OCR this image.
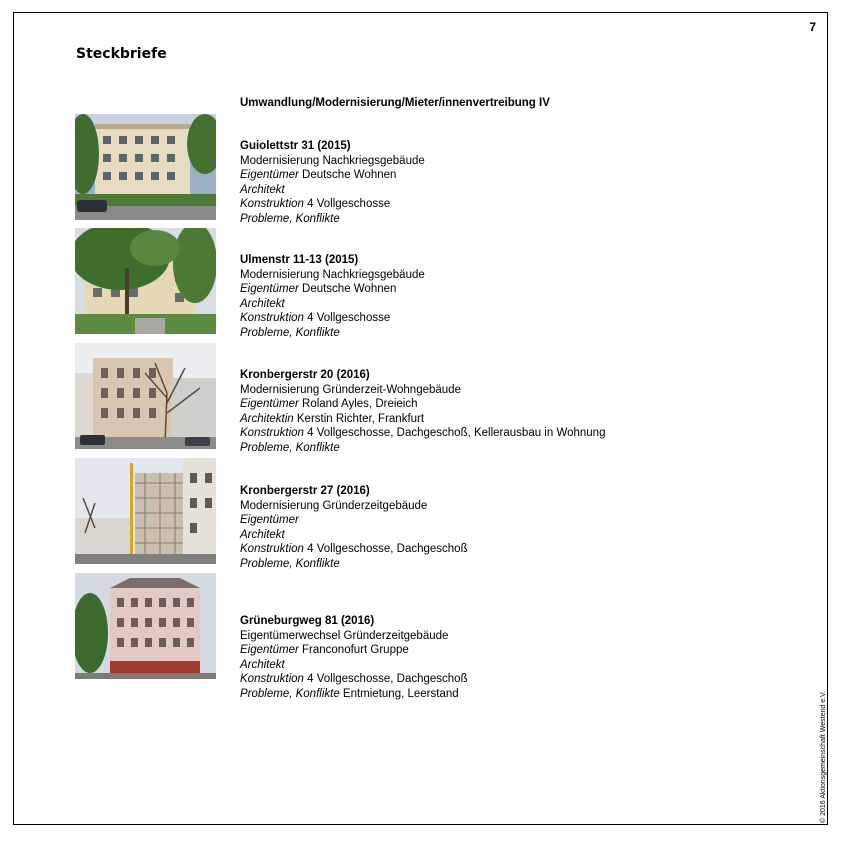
7
Steckbriefe
Umwandlung/Modernisierung/Mieter/innenvertreibung IV
Guiolettstr 31 (2015)
Modernisierung Nachkriegsgebäude
Eigentümer Deutsche Wohnen
Architekt
Konstruktion 4 Vollgeschosse
Probleme, Konflikte
Ulmenstr 11-13 (2015)
Modernisierung Nachkriegsgebäude
Eigentümer Deutsche Wohnen
Architekt
Konstruktion 4 Vollgeschosse
Probleme, Konflikte
Kronbergerstr 20 (2016)
Modernisierung Gründerzeit-Wohngebäude
Eigentümer Roland Ayles, Dreieich
Architektin Kerstin Richter, Frankfurt
Konstruktion 4 Vollgeschosse, Dachgeschoß, Kellerausbau in Wohnung
Probleme, Konflikte
Kronbergerstr 27 (2016)
Modernisierung Gründerzeitgebäude
Eigentümer
Architekt
Konstruktion 4 Vollgeschosse, Dachgeschoß
Probleme, Konflikte
Grüneburgweg 81 (2016)
Eigentümerwechsel Gründerzeitgebäude
Eigentümer Franconofurt Gruppe
Architekt
Konstruktion 4 Vollgeschosse, Dachgeschoß
Probleme, Konflikte Entmietung, Leerstand	© 2016 Aktionsgemeinschaft Westend e.V.
